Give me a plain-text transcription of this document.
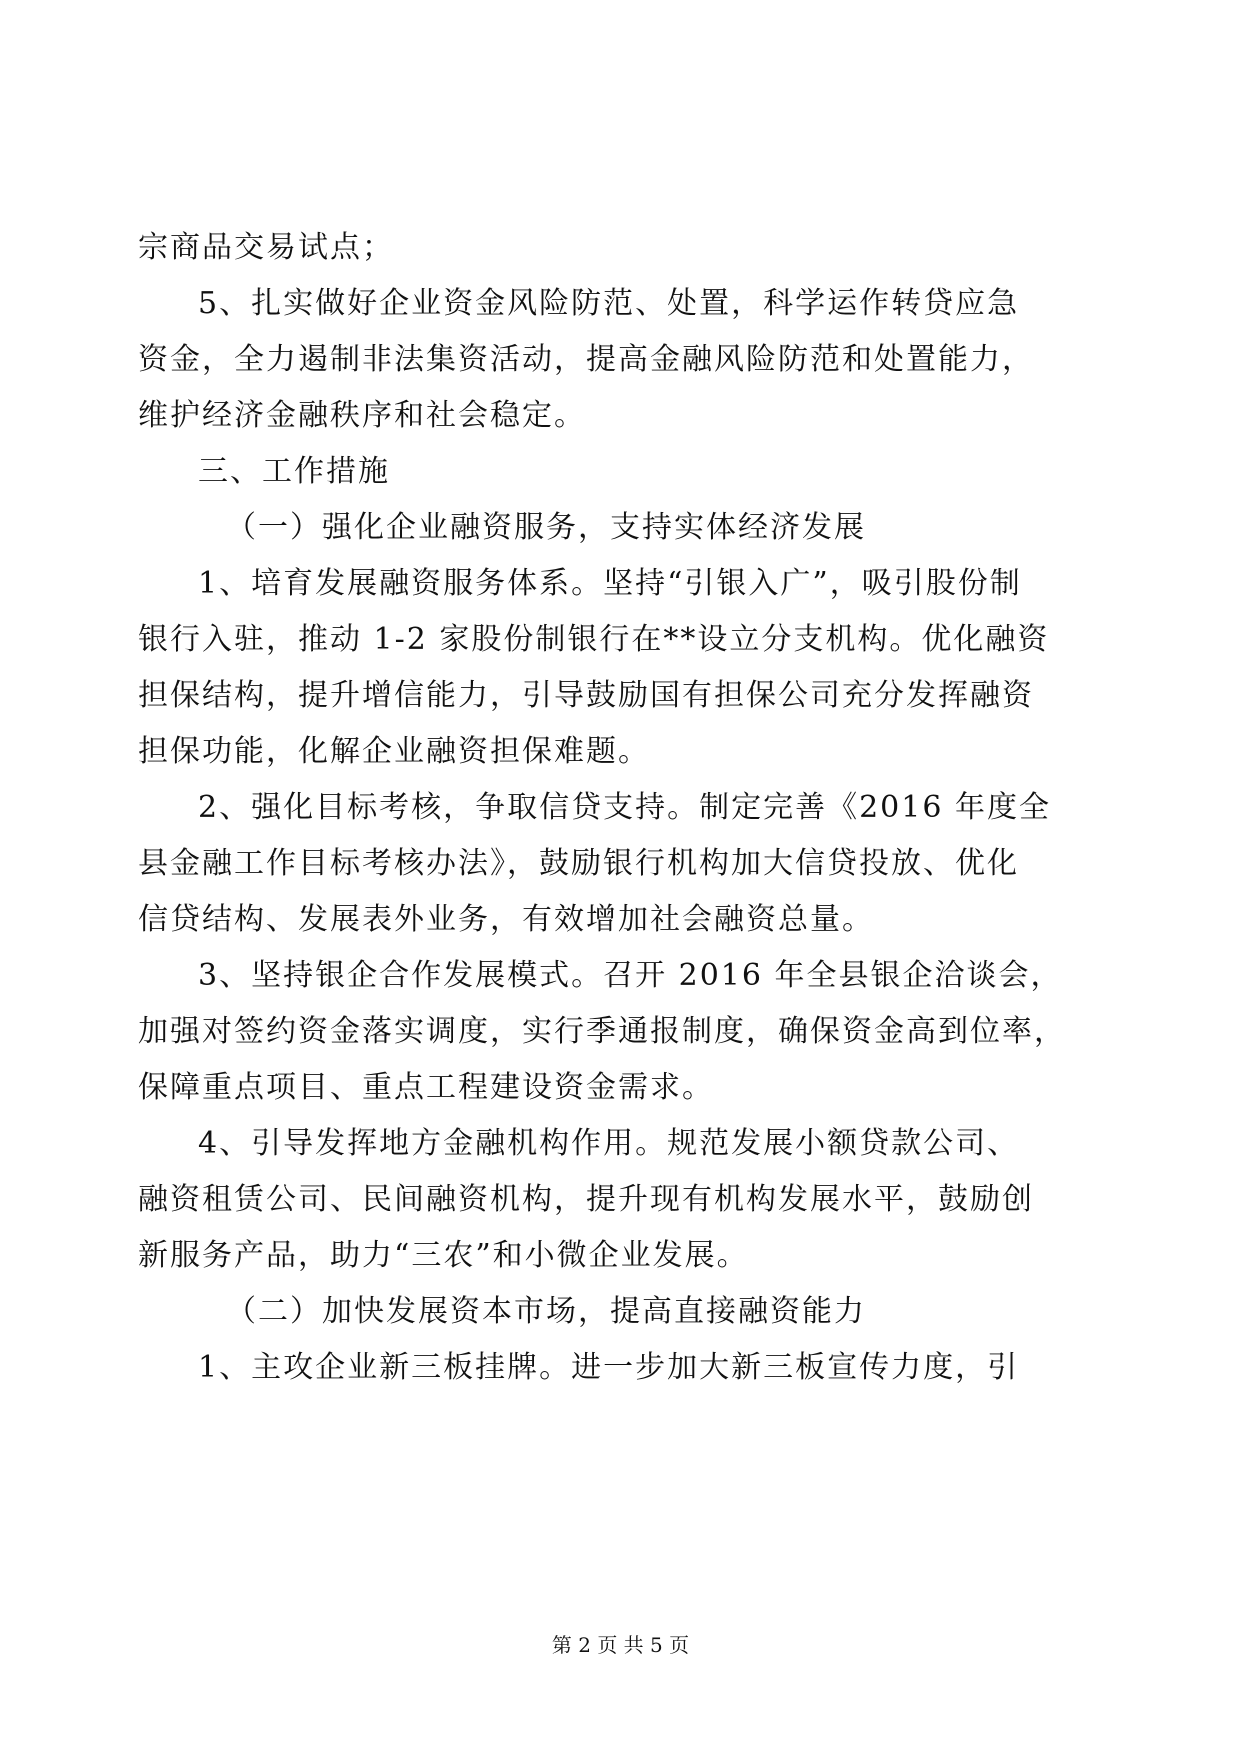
宗商品交易试点；
5、扎实做好企业资金风险防范、处置，科学运作转贷应急
资金，全力遏制非法集资活动，提高金融风险防范和处置能力，
维护经济金融秩序和社会稳定。
三、工作措施
（一）强化企业融资服务，支持实体经济发展
1、培育发展融资服务体系。坚持“引银入广”，吸引股份制
银行入驻，推动 1-2 家股份制银行在**设立分支机构。优化融资
担保结构，提升增信能力，引导鼓励国有担保公司充分发挥融资
担保功能，化解企业融资担保难题。
2、强化目标考核，争取信贷支持。制定完善《2016 年度全
县金融工作目标考核办法》，鼓励银行机构加大信贷投放、优化
信贷结构、发展表外业务，有效增加社会融资总量。
3、坚持银企合作发展模式。召开 2016 年全县银企洽谈会，
加强对签约资金落实调度，实行季通报制度，确保资金高到位率，
保障重点项目、重点工程建设资金需求。
4、引导发挥地方金融机构作用。规范发展小额贷款公司、
融资租赁公司、民间融资机构，提升现有机构发展水平，鼓励创
新服务产品，助力“三农”和小微企业发展。
（二）加快发展资本市场，提高直接融资能力
1、主攻企业新三板挂牌。进一步加大新三板宣传力度，引
第 2 页 共 5 页
